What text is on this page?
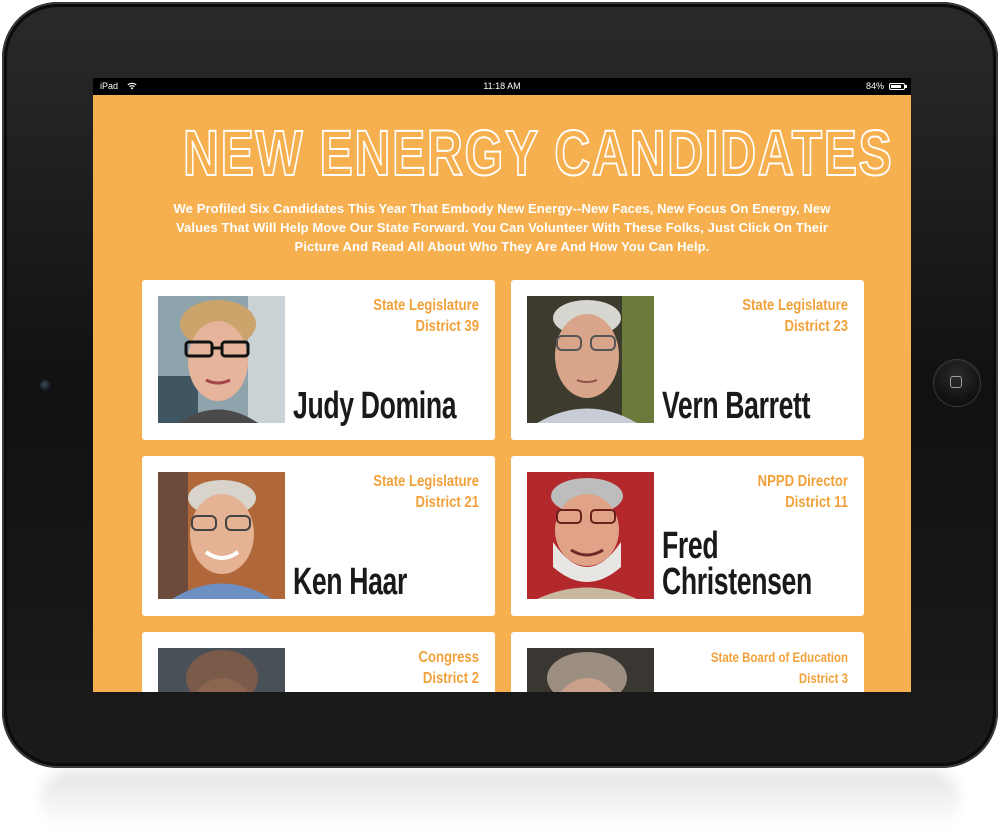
iPad	11:18 AM	84%
NEW ENERGY CANDIDATES
We Profiled Six Candidates This Year That Embody New Energy--New Faces, New Focus On Energy, New Values That Will Help Move Our State Forward. You Can Volunteer With These Folks, Just Click On Their Picture And Read All About Who They Are And How You Can Help.
State Legislature
District 39
Judy Domina
State Legislature
District 23
Vern Barrett
State Legislature
District 21
Ken Haar
NPPD Director
District 11
Fred
Christensen
Congress
District 2
State Board of Education
District 3
